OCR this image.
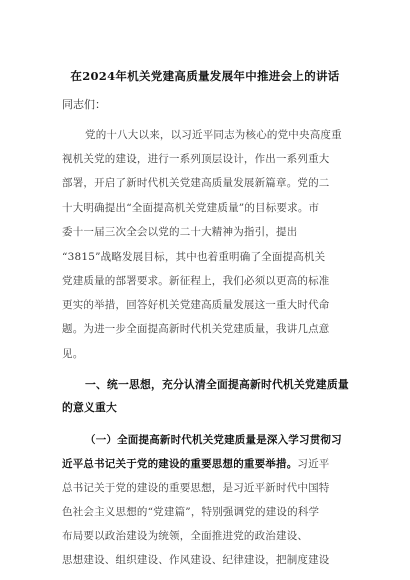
在2024年机关党建高质量发展年中推进会上的讲话
同志们：
党的十八大以来，以习近平同志为核心的党中央高度重
视机关党的建设，进行一系列顶层设计，作出一系列重大
部署，开启了新时代机关党建高质量发展新篇章。党的二
十大明确提出“全面提高机关党建质量”的目标要求。市
委十一届三次全会以党的二十大精神为指引，提出
“3815”战略发展目标，其中也着重明确了全面提高机关
党建质量的部署要求。新征程上，我们必须以更高的标准
更实的举措，回答好机关党建高质量发展这一重大时代命
题。为进一步全面提高新时代机关党建质量，我讲几点意
见。
一、统一思想，充分认清全面提高新时代机关党建质量
的意义重大
（一）全面提高新时代机关党建质量是深入学习贯彻习
近平总书记关于党的建设的重要思想的重要举措。习近平
总书记关于党的建设的重要思想，是习近平新时代中国特
色社会主义思想的“党建篇”，特别强调党的建设的科学
布局要以政治建设为统领，全面推进党的政治建设、
思想建设、组织建设、作风建设、纪律建设，把制度建设
